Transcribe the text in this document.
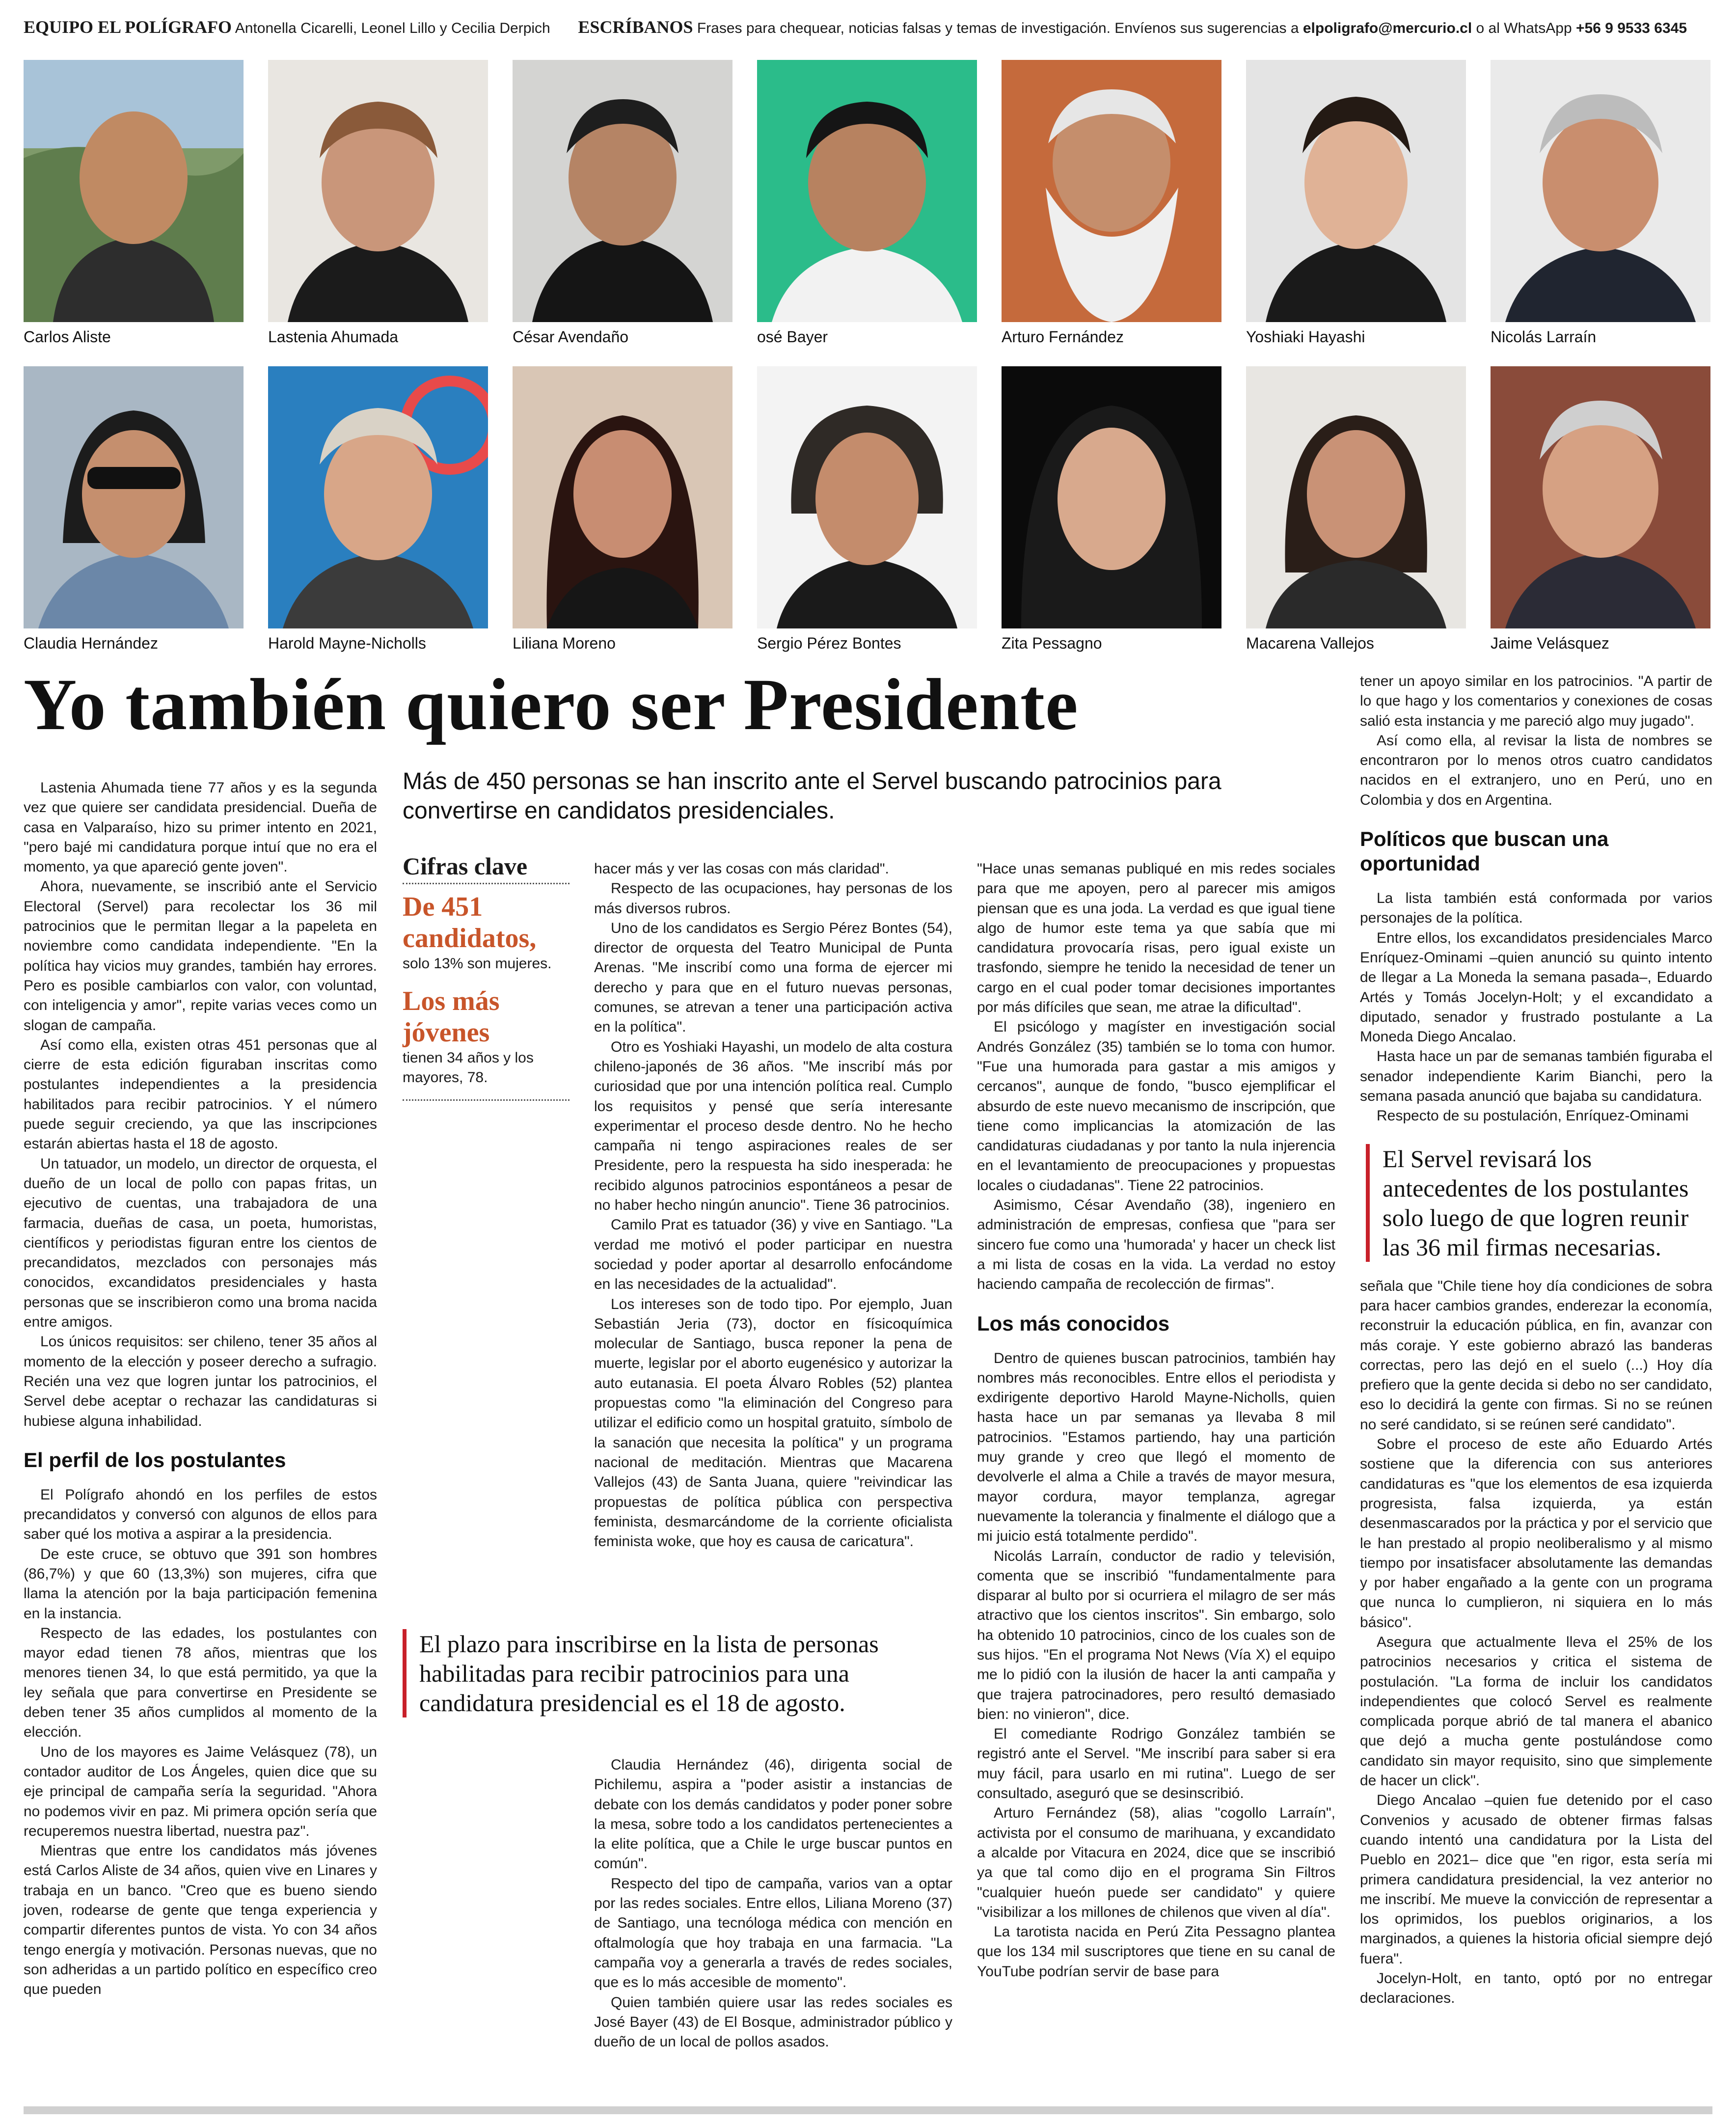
EQUIPO EL POLÍGRAFO Antonella Cicarelli, Leonel Lillo y Cecilia Derpich ESCRÍBANOS Frases para chequear, noticias falsas y temas de investigación. Envíenos sus sugerencias a elpoligrafo@mercurio.cl o al WhatsApp +56 9 9533 6345
Carlos Aliste	Lastenia Ahumada	César Avendaño	osé Bayer	Arturo Fernández	Yoshiaki Hayashi	Nicolás Larraín
Claudia Hernández	Harold Mayne-Nicholls	Liliana Moreno	Sergio Pérez Bontes	Zita Pessagno	Macarena Vallejos	Jaime Velásquez
Yo también quiero ser Presidente
Más de 450 personas se han inscrito ante el Servel buscando patrocinios para convertirse en candidatos presidenciales.

Lastenia Ahumada tiene 77 años y es la segunda vez que quiere ser candidata presidencial. Dueña de casa en Valparaíso, hizo su primer intento en 2021, "pero bajé mi candidatura porque intuí que no era el momento, ya que apareció gente joven".

Ahora, nuevamente, se inscribió ante el Servicio Electoral (Servel) para recolectar los 36 mil patrocinios que le permitan llegar a la papeleta en noviembre como candidata independiente. "En la política hay vicios muy grandes, también hay errores. Pero es posible cambiarlos con valor, con voluntad, con inteligencia y amor", repite varias veces como un slogan de campaña.

Así como ella, existen otras 451 personas que al cierre de esta edición figuraban inscritas como postulantes independientes a la presidencia habilitados para recibir patrocinios. Y el número puede seguir creciendo, ya que las inscripciones estarán abiertas hasta el 18 de agosto.

Un tatuador, un modelo, un director de orquesta, el dueño de un local de pollo con papas fritas, un ejecutivo de cuentas, una trabajadora de una farmacia, dueñas de casa, un poeta, humoristas, científicos y periodistas figuran entre los cientos de precandidatos, mezclados con personajes más conocidos, excandidatos presidenciales y hasta personas que se inscribieron como una broma nacida entre amigos.

Los únicos requisitos: ser chileno, tener 35 años al momento de la elección y poseer derecho a sufragio. Recién una vez que logren juntar los patrocinios, el Servel debe aceptar o rechazar las candidaturas si hubiese alguna inhabilidad.

El perfil de los postulantes

El Polígrafo ahondó en los perfiles de estos precandidatos y conversó con algunos de ellos para saber qué los motiva a aspirar a la presidencia.

De este cruce, se obtuvo que 391 son hombres (86,7%) y que 60 (13,3%) son mujeres, cifra que llama la atención por la baja participación femenina en la instancia.

Respecto de las edades, los postulantes con mayor edad tienen 78 años, mientras que los menores tienen 34, lo que está permitido, ya que la ley señala que para convertirse en Presidente se deben tener 35 años cumplidos al momento de la elección.

Uno de los mayores es Jaime Velásquez (78), un contador auditor de Los Ángeles, quien dice que su eje principal de campaña sería la seguridad. "Ahora no podemos vivir en paz. Mi primera opción sería que recuperemos nuestra libertad, nuestra paz".

Mientras que entre los candidatos más jóvenes está Carlos Aliste de 34 años, quien vive en Linares y trabaja en un banco. "Creo que es bueno siendo joven, rodearse de gente que tenga experiencia y compartir diferentes puntos de vista. Yo con 34 años tengo energía y motivación. Personas nuevas, que no son adheridas a un partido político en específico creo que pueden

Cifras clave
De 451 candidatos,
solo 13% son mujeres.
Los más jóvenes
tienen 34 años y los mayores, 78.

hacer más y ver las cosas con más claridad".

Respecto de las ocupaciones, hay personas de los más diversos rubros.

Uno de los candidatos es Sergio Pérez Bontes (54), director de orquesta del Teatro Municipal de Punta Arenas. "Me inscribí como una forma de ejercer mi derecho y para que en el futuro nuevas personas, comunes, se atrevan a tener una participación activa en la política".

Otro es Yoshiaki Hayashi, un modelo de alta costura chileno-japonés de 36 años. "Me inscribí más por curiosidad que por una intención política real. Cumplo los requisitos y pensé que sería interesante experimentar el proceso desde dentro. No he hecho campaña ni tengo aspiraciones reales de ser Presidente, pero la respuesta ha sido inesperada: he recibido algunos patrocinios espontáneos a pesar de no haber hecho ningún anuncio". Tiene 36 patrocinios.

Camilo Prat es tatuador (36) y vive en Santiago. "La verdad me motivó el poder participar en nuestra sociedad y poder aportar al desarrollo enfocándome en las necesidades de la actualidad".

Los intereses son de todo tipo. Por ejemplo, Juan Sebastián Jeria (73), doctor en físicoquímica molecular de Santiago, busca reponer la pena de muerte, legislar por el aborto eugenésico y autorizar la auto eutanasia. El poeta Álvaro Robles (52) plantea propuestas como "la eliminación del Congreso para utilizar el edificio como un hospital gratuito, símbolo de la sanación que necesita la política" y un programa nacional de meditación. Mientras que Macarena Vallejos (43) de Santa Juana, quiere "reivindicar las propuestas de política pública con perspectiva feminista, desmarcándome de la corriente oficialista feminista woke, que hoy es causa de caricatura".

El plazo para inscribirse en la lista de personas habilitadas para recibir patrocinios para una candidatura presidencial es el 18 de agosto.

Claudia Hernández (46), dirigenta social de Pichilemu, aspira a "poder asistir a instancias de debate con los demás candidatos y poder poner sobre la mesa, sobre todo a los candidatos pertenecientes a la elite política, que a Chile le urge buscar puntos en común".

Respecto del tipo de campaña, varios van a optar por las redes sociales. Entre ellos, Liliana Moreno (37) de Santiago, una tecnóloga médica con mención en oftalmología que hoy trabaja en una farmacia. "La campaña voy a generarla a través de redes sociales, que es lo más accesible de momento".

Quien también quiere usar las redes sociales es José Bayer (43) de El Bosque, administrador público y dueño de un local de pollos asados.

"Hace unas semanas publiqué en mis redes sociales para que me apoyen, pero al parecer mis amigos piensan que es una joda. La verdad es que igual tiene algo de humor este tema ya que sabía que mi candidatura provocaría risas, pero igual existe un trasfondo, siempre he tenido la necesidad de tener un cargo en el cual poder tomar decisiones importantes por más difíciles que sean, me atrae la dificultad".

El psicólogo y magíster en investigación social Andrés González (35) también se lo toma con humor. "Fue una humorada para gastar a mis amigos y cercanos", aunque de fondo, "busco ejemplificar el absurdo de este nuevo mecanismo de inscripción, que tiene como implicancias la atomización de las candidaturas ciudadanas y por tanto la nula injerencia en el levantamiento de preocupaciones y propuestas locales o ciudadanas". Tiene 22 patrocinios.

Asimismo, César Avendaño (38), ingeniero en administración de empresas, confiesa que "para ser sincero fue como una 'humorada' y hacer un check list a mi lista de cosas en la vida. La verdad no estoy haciendo campaña de recolección de firmas".

Los más conocidos

Dentro de quienes buscan patrocinios, también hay nombres más reconocibles. Entre ellos el periodista y exdirigente deportivo Harold Mayne-Nicholls, quien hasta hace un par semanas ya llevaba 8 mil patrocinios. "Estamos partiendo, hay una partición muy grande y creo que llegó el momento de devolverle el alma a Chile a través de mayor mesura, mayor cordura, mayor templanza, agregar nuevamente la tolerancia y finalmente el diálogo que a mi juicio está totalmente perdido".

Nicolás Larraín, conductor de radio y televisión, comenta que se inscribió "fundamentalmente para disparar al bulto por si ocurriera el milagro de ser más atractivo que los cientos inscritos". Sin embargo, solo ha obtenido 10 patrocinios, cinco de los cuales son de sus hijos. "En el programa Not News (Vía X) el equipo me lo pidió con la ilusión de hacer la anti campaña y que trajera patrocinadores, pero resultó demasiado bien: no vinieron", dice.

El comediante Rodrigo González también se registró ante el Servel. "Me inscribí para saber si era muy fácil, para usarlo en mi rutina". Luego de ser consultado, aseguró que se desinscribió.

Arturo Fernández (58), alias "cogollo Larraín", activista por el consumo de marihuana, y excandidato a alcalde por Vitacura en 2024, dice que se inscribió ya que tal como dijo en el programa Sin Filtros "cualquier hueón puede ser candidato" y quiere "visibilizar a los millones de chilenos que viven al día".

La tarotista nacida en Perú Zita Pessagno plantea que los 134 mil suscriptores que tiene en su canal de YouTube podrían servir de base para

tener un apoyo similar en los patrocinios. "A partir de lo que hago y los comentarios y conexiones de cosas salió esta instancia y me pareció algo muy jugado".

Así como ella, al revisar la lista de nombres se encontraron por lo menos otros cuatro candidatos nacidos en el extranjero, uno en Perú, uno en Colombia y dos en Argentina.

Políticos que buscan una oportunidad

La lista también está conformada por varios personajes de la política.

Entre ellos, los excandidatos presidenciales Marco Enríquez-Ominami –quien anunció su quinto intento de llegar a La Moneda la semana pasada–, Eduardo Artés y Tomás Jocelyn-Holt; y el excandidato a diputado, senador y frustrado postulante a La Moneda Diego Ancalao.

Hasta hace un par de semanas también figuraba el senador independiente Karim Bianchi, pero la semana pasada anunció que bajaba su candidatura.

Respecto de su postulación, Enríquez-Ominami

El Servel revisará los antecedentes de los postulantes solo luego de que logren reunir las 36 mil firmas necesarias.

señala que "Chile tiene hoy día condiciones de sobra para hacer cambios grandes, enderezar la economía, reconstruir la educación pública, en fin, avanzar con más coraje. Y este gobierno abrazó las banderas correctas, pero las dejó en el suelo (...) Hoy día prefiero que la gente decida si debo no ser candidato, eso lo decidirá la gente con firmas. Si no se reúnen no seré candidato, si se reúnen seré candidato".

Sobre el proceso de este año Eduardo Artés sostiene que la diferencia con sus anteriores candidaturas es "que los elementos de esa izquierda progresista, falsa izquierda, ya están desenmascarados por la práctica y por el servicio que le han prestado al propio neoliberalismo y al mismo tiempo por insatisfacer absolutamente las demandas y por haber engañado a la gente con un programa que nunca lo cumplieron, ni siquiera en lo más básico".

Asegura que actualmente lleva el 25% de los patrocinios necesarios y critica el sistema de postulación. "La forma de incluir los candidatos independientes que colocó Servel es realmente complicada porque abrió de tal manera el abanico que dejó a mucha gente postulándose como candidato sin mayor requisito, sino que simplemente de hacer un click".

Diego Ancalao –quien fue detenido por el caso Convenios y acusado de obtener firmas falsas cuando intentó una candidatura por la Lista del Pueblo en 2021– dice que "en rigor, esta sería mi primera candidatura presidencial, la vez anterior no me inscribí. Me mueve la convicción de representar a los oprimidos, los pueblos originarios, a los marginados, a quienes la historia oficial siempre dejó fuera".

Jocelyn-Holt, en tanto, optó por no entregar declaraciones.
